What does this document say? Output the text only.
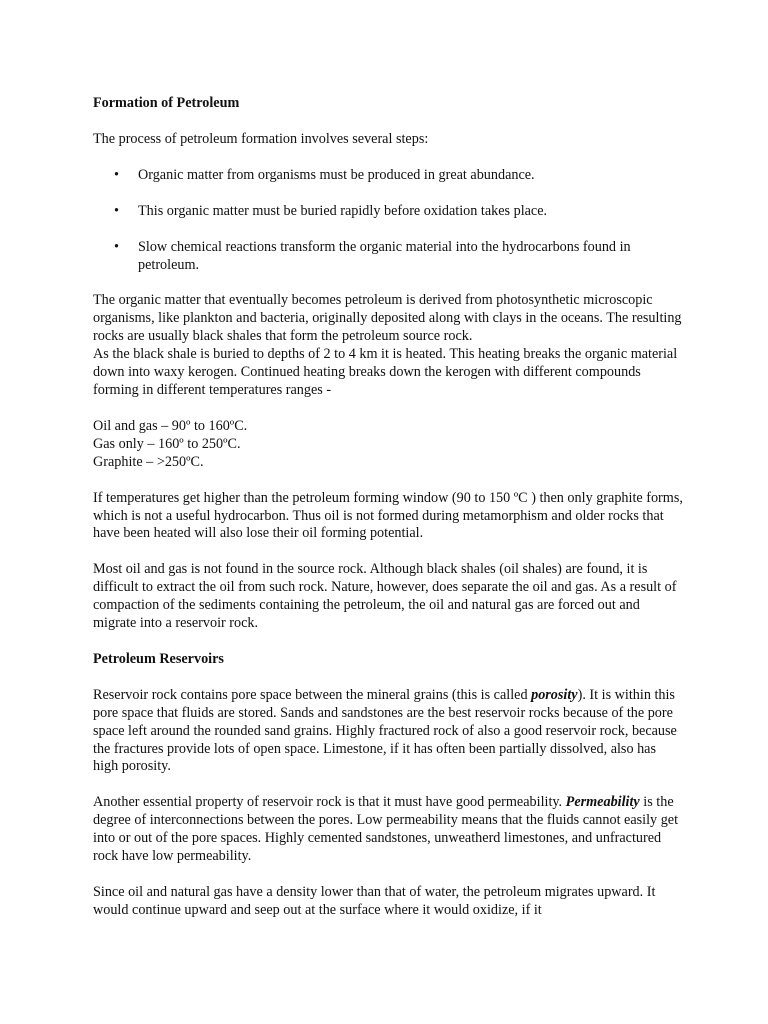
Formation of Petroleum

The process of petroleum formation involves several steps:

• Organic matter from organisms must be produced in great abundance.
• This organic matter must be buried rapidly before oxidation takes place.
• Slow chemical reactions transform the organic material into the hydrocarbons found in petroleum.

The organic matter that eventually becomes petroleum is derived from photosynthetic microscopic organisms, like plankton and bacteria, originally deposited along with clays in the oceans. The resulting rocks are usually black shales that form the petroleum source rock.
As the black shale is buried to depths of 2 to 4 km it is heated. This heating breaks the organic material down into waxy kerogen. Continued heating breaks down the kerogen with different compounds forming in different temperatures ranges -

Oil and gas – 90º to 160ºC.
Gas only – 160º to 250ºC.
Graphite – >250ºC.

If temperatures get higher than the petroleum forming window (90 to 150 ºC ) then only graphite forms, which is not a useful hydrocarbon. Thus oil is not formed during metamorphism and older rocks that have been heated will also lose their oil forming potential.

Most oil and gas is not found in the source rock. Although black shales (oil shales) are found, it is difficult to extract the oil from such rock. Nature, however, does separate the oil and gas. As a result of compaction of the sediments containing the petroleum, the oil and natural gas are forced out and migrate into a reservoir rock.

Petroleum Reservoirs

Reservoir rock contains pore space between the mineral grains (this is called porosity). It is within this pore space that fluids are stored. Sands and sandstones are the best reservoir rocks because of the pore space left around the rounded sand grains. Highly fractured rock of also a good reservoir rock, because the fractures provide lots of open space. Limestone, if it has often been partially dissolved, also has high porosity.

Another essential property of reservoir rock is that it must have good permeability. Permeability is the degree of interconnections between the pores. Low permeability means that the fluids cannot easily get into or out of the pore spaces. Highly cemented sandstones, unweatherd limestones, and unfractured rock have low permeability.

Since oil and natural gas have a density lower than that of water, the petroleum migrates upward. It would continue upward and seep out at the surface where it would oxidize, if it
